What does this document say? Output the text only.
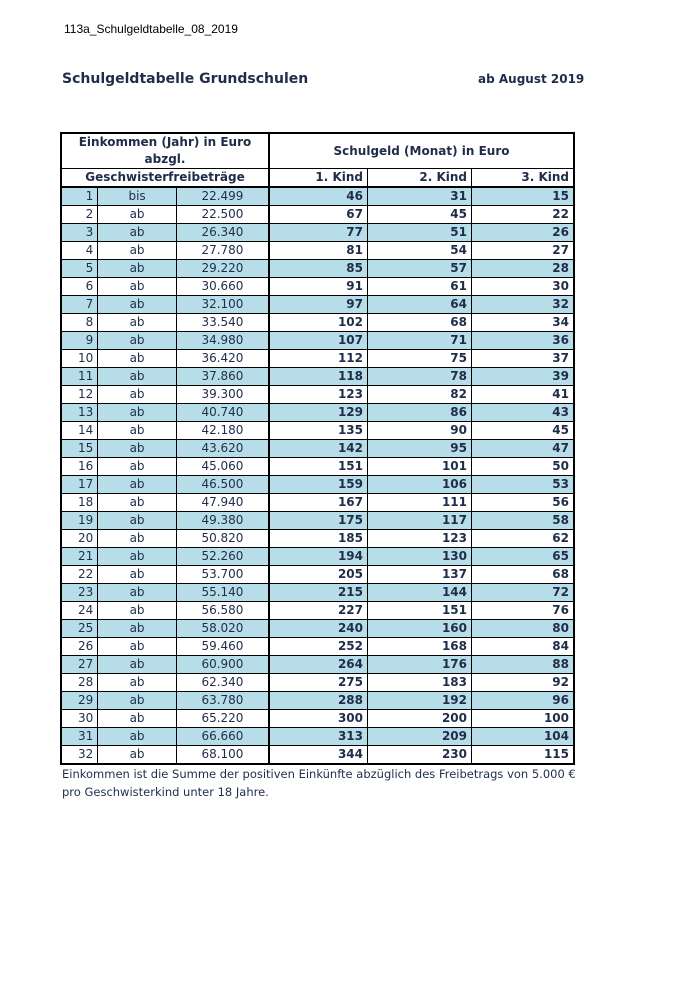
113a_Schulgeldtabelle_08_2019
Schulgeldtabelle Grundschulen	ab August 2019
Einkommen (Jahr) in Euro abzgl.			Schulgeld (Monat) in Euro		
Geschwisterfreibeträge			1. Kind	2. Kind	3. Kind
1	bis	22.499	46	31	15
2	ab	22.500	67	45	22
3	ab	26.340	77	51	26
4	ab	27.780	81	54	27
5	ab	29.220	85	57	28
6	ab	30.660	91	61	30
7	ab	32.100	97	64	32
8	ab	33.540	102	68	34
9	ab	34.980	107	71	36
10	ab	36.420	112	75	37
11	ab	37.860	118	78	39
12	ab	39.300	123	82	41
13	ab	40.740	129	86	43
14	ab	42.180	135	90	45
15	ab	43.620	142	95	47
16	ab	45.060	151	101	50
17	ab	46.500	159	106	53
18	ab	47.940	167	111	56
19	ab	49.380	175	117	58
20	ab	50.820	185	123	62
21	ab	52.260	194	130	65
22	ab	53.700	205	137	68
23	ab	55.140	215	144	72
24	ab	56.580	227	151	76
25	ab	58.020	240	160	80
26	ab	59.460	252	168	84
27	ab	60.900	264	176	88
28	ab	62.340	275	183	92
29	ab	63.780	288	192	96
30	ab	65.220	300	200	100
31	ab	66.660	313	209	104
32	ab	68.100	344	230	115
Einkommen ist die Summe der positiven Einkünfte abzüglich des Freibetrags von 5.000 €
pro Geschwisterkind unter 18 Jahre.
